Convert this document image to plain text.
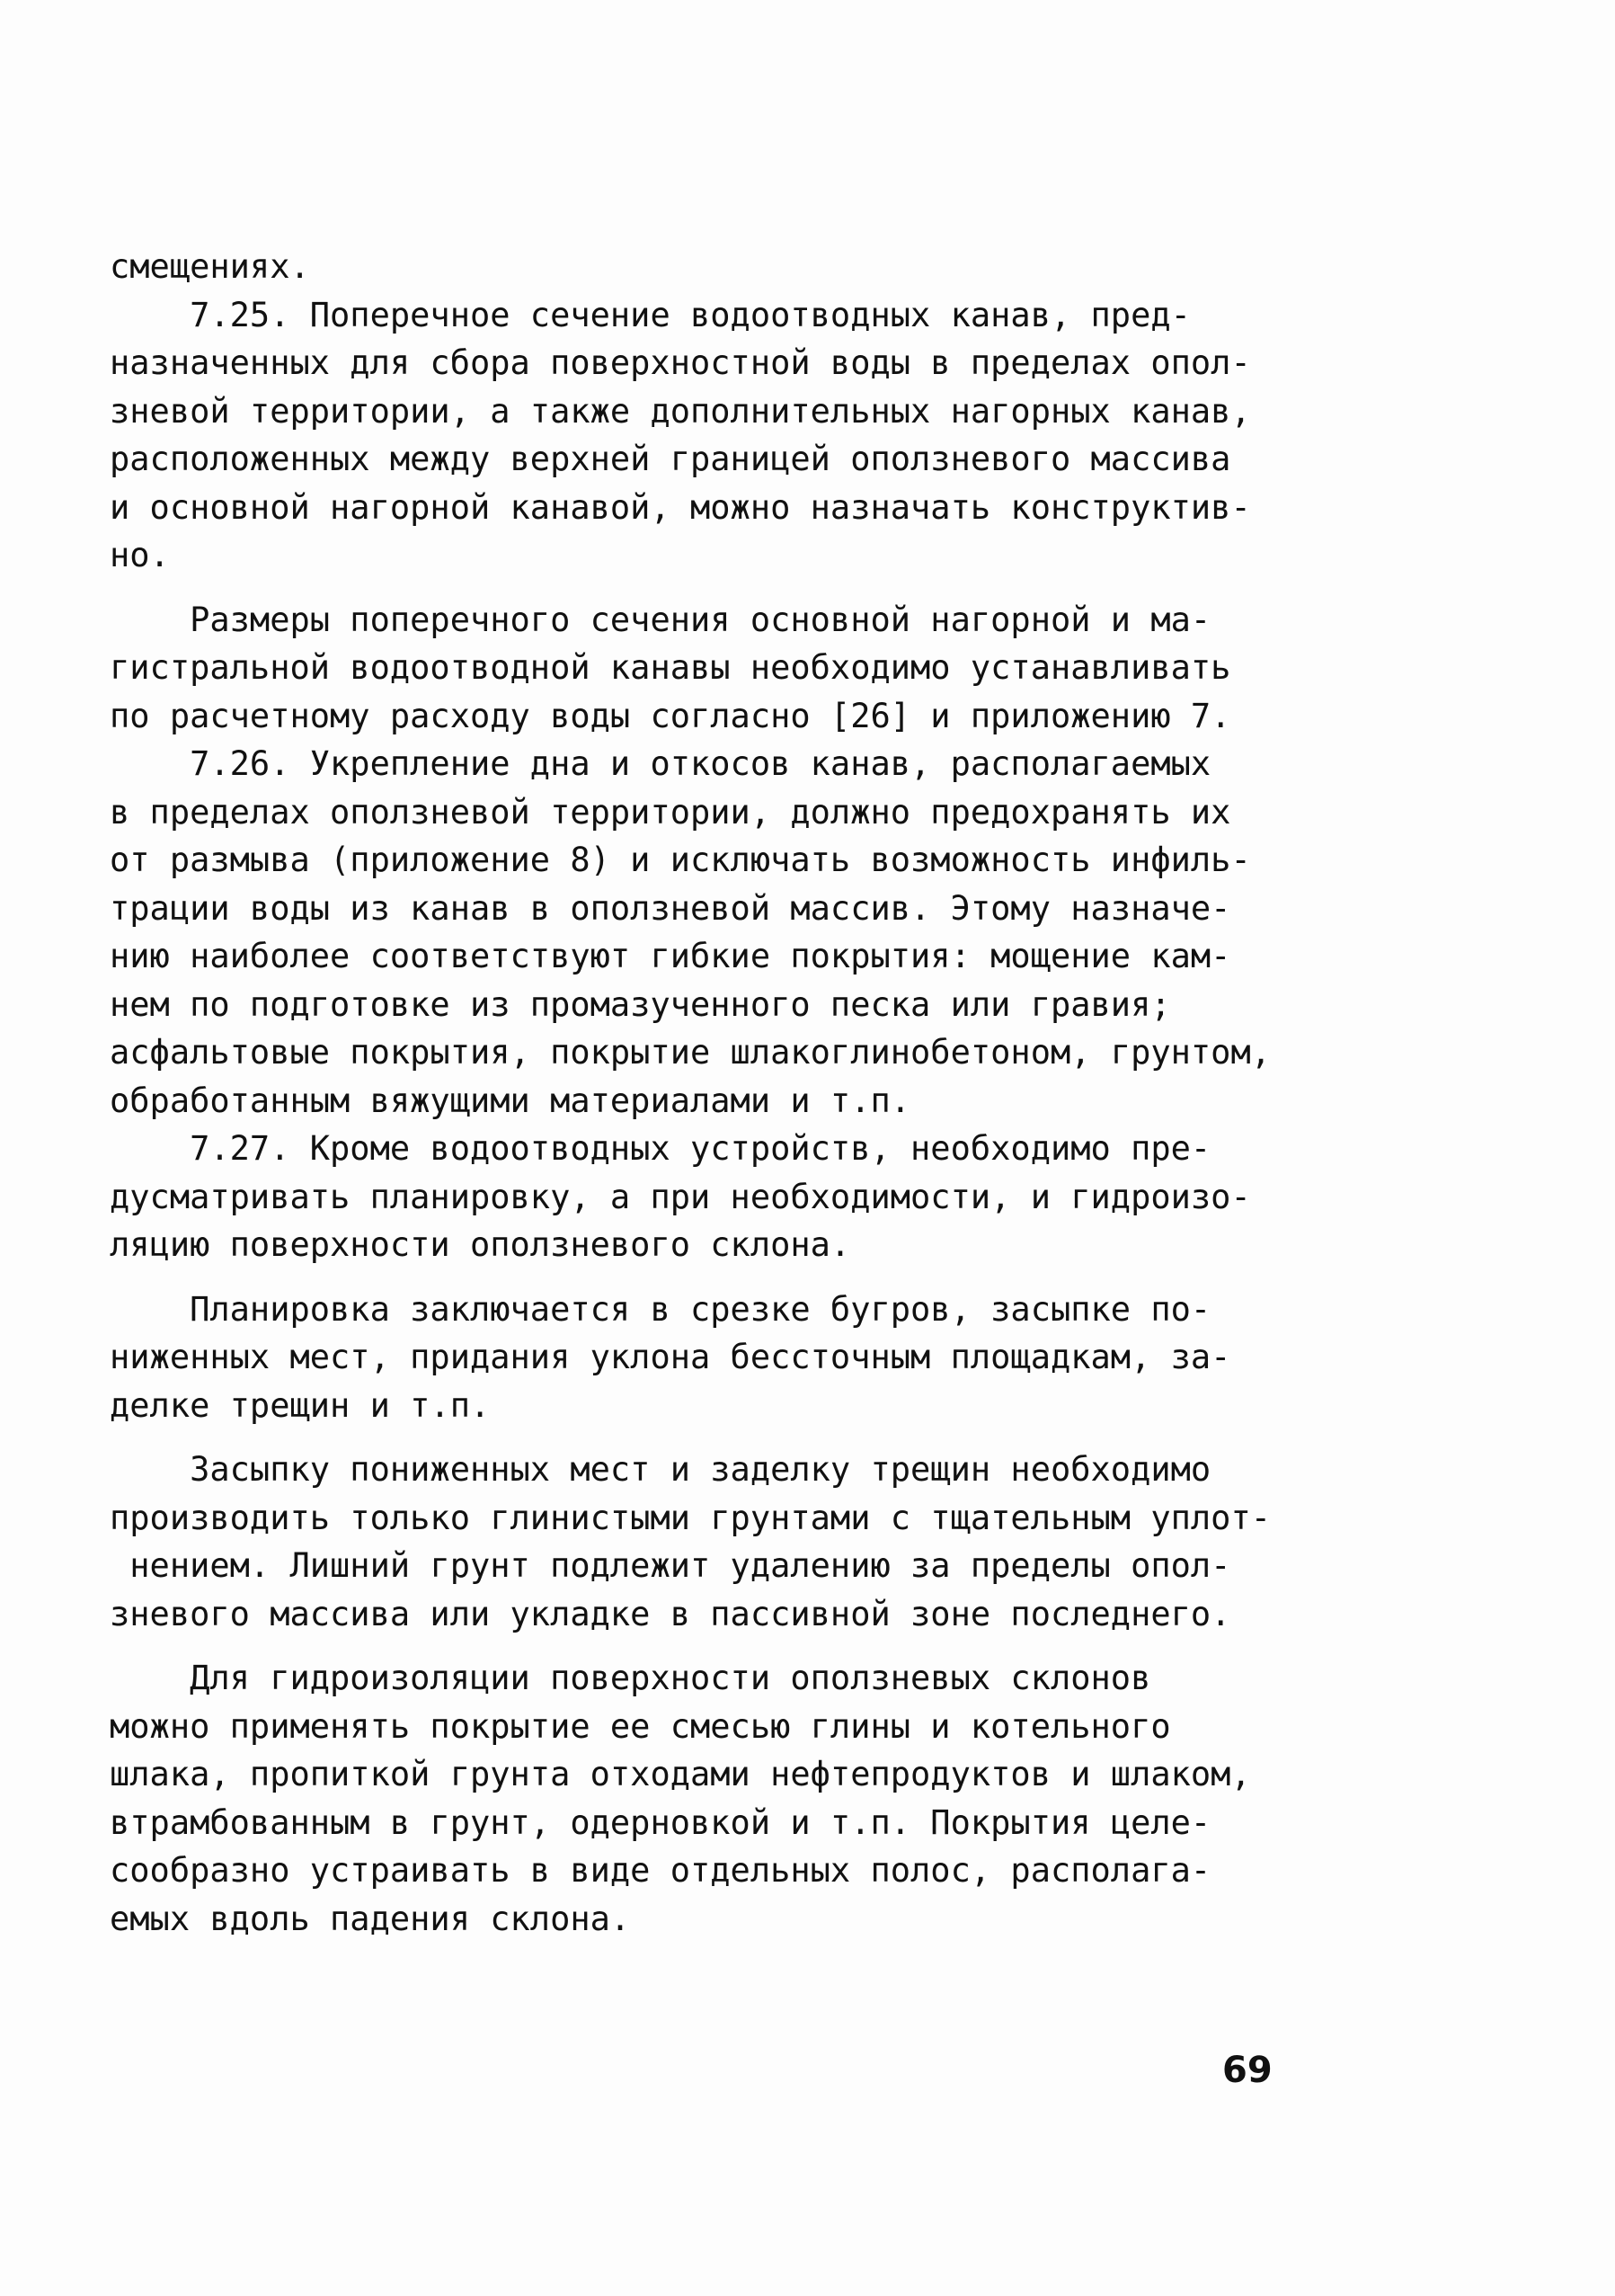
смещениях.
7.25. Поперечное сечение водоотводных канав, пред-
назначенных для сбора поверхностной воды в пределах опол-
зневой территории, а также дополнительных нагорных канав,
расположенных между верхней границей оползневого массива
и основной нагорной канавой, можно назначать конструктив-
но.
Размеры поперечного сечения основной нагорной и ма-
гистральной водоотводной канавы необходимо устанавливать
по расчетному расходу воды согласно [26] и приложению 7.
7.26. Укрепление дна и откосов канав, располагаемых
в пределах оползневой территории, должно предохранять их
от размыва (приложение 8) и исключать возможность инфиль-
трации воды из канав в оползневой массив. Этому назначе-
нию наиболее соответствуют гибкие покрытия: мощение кам-
нем по подготовке из промазученного песка или гравия;
асфальтовые покрытия, покрытие шлакоглинобетоном, грунтом,
обработанным вяжущими материалами и т.п.
7.27. Кроме водоотводных устройств, необходимо пре-
дусматривать планировку, а при необходимости, и гидроизо-
ляцию поверхности оползневого склона.
Планировка заключается в срезке бугров, засыпке по-
ниженных мест, придания уклона бессточным площадкам, за-
делке трещин и т.п.
Засыпку пониженных мест и заделку трещин необходимо
производить только глинистыми грунтами с тщательным уплот-
нением. Лишний грунт подлежит удалению за пределы опол-
зневого массива или укладке в пассивной зоне последнего.
Для гидроизоляции поверхности оползневых склонов
можно применять покрытие ее смесью глины и котельного
шлака, пропиткой грунта отходами нефтепродуктов и шлаком,
втрамбованным в грунт, одерновкой и т.п. Покрытия целе-
сообразно устраивать в виде отдельных полос, располага-
емых вдоль падения склона.
69
